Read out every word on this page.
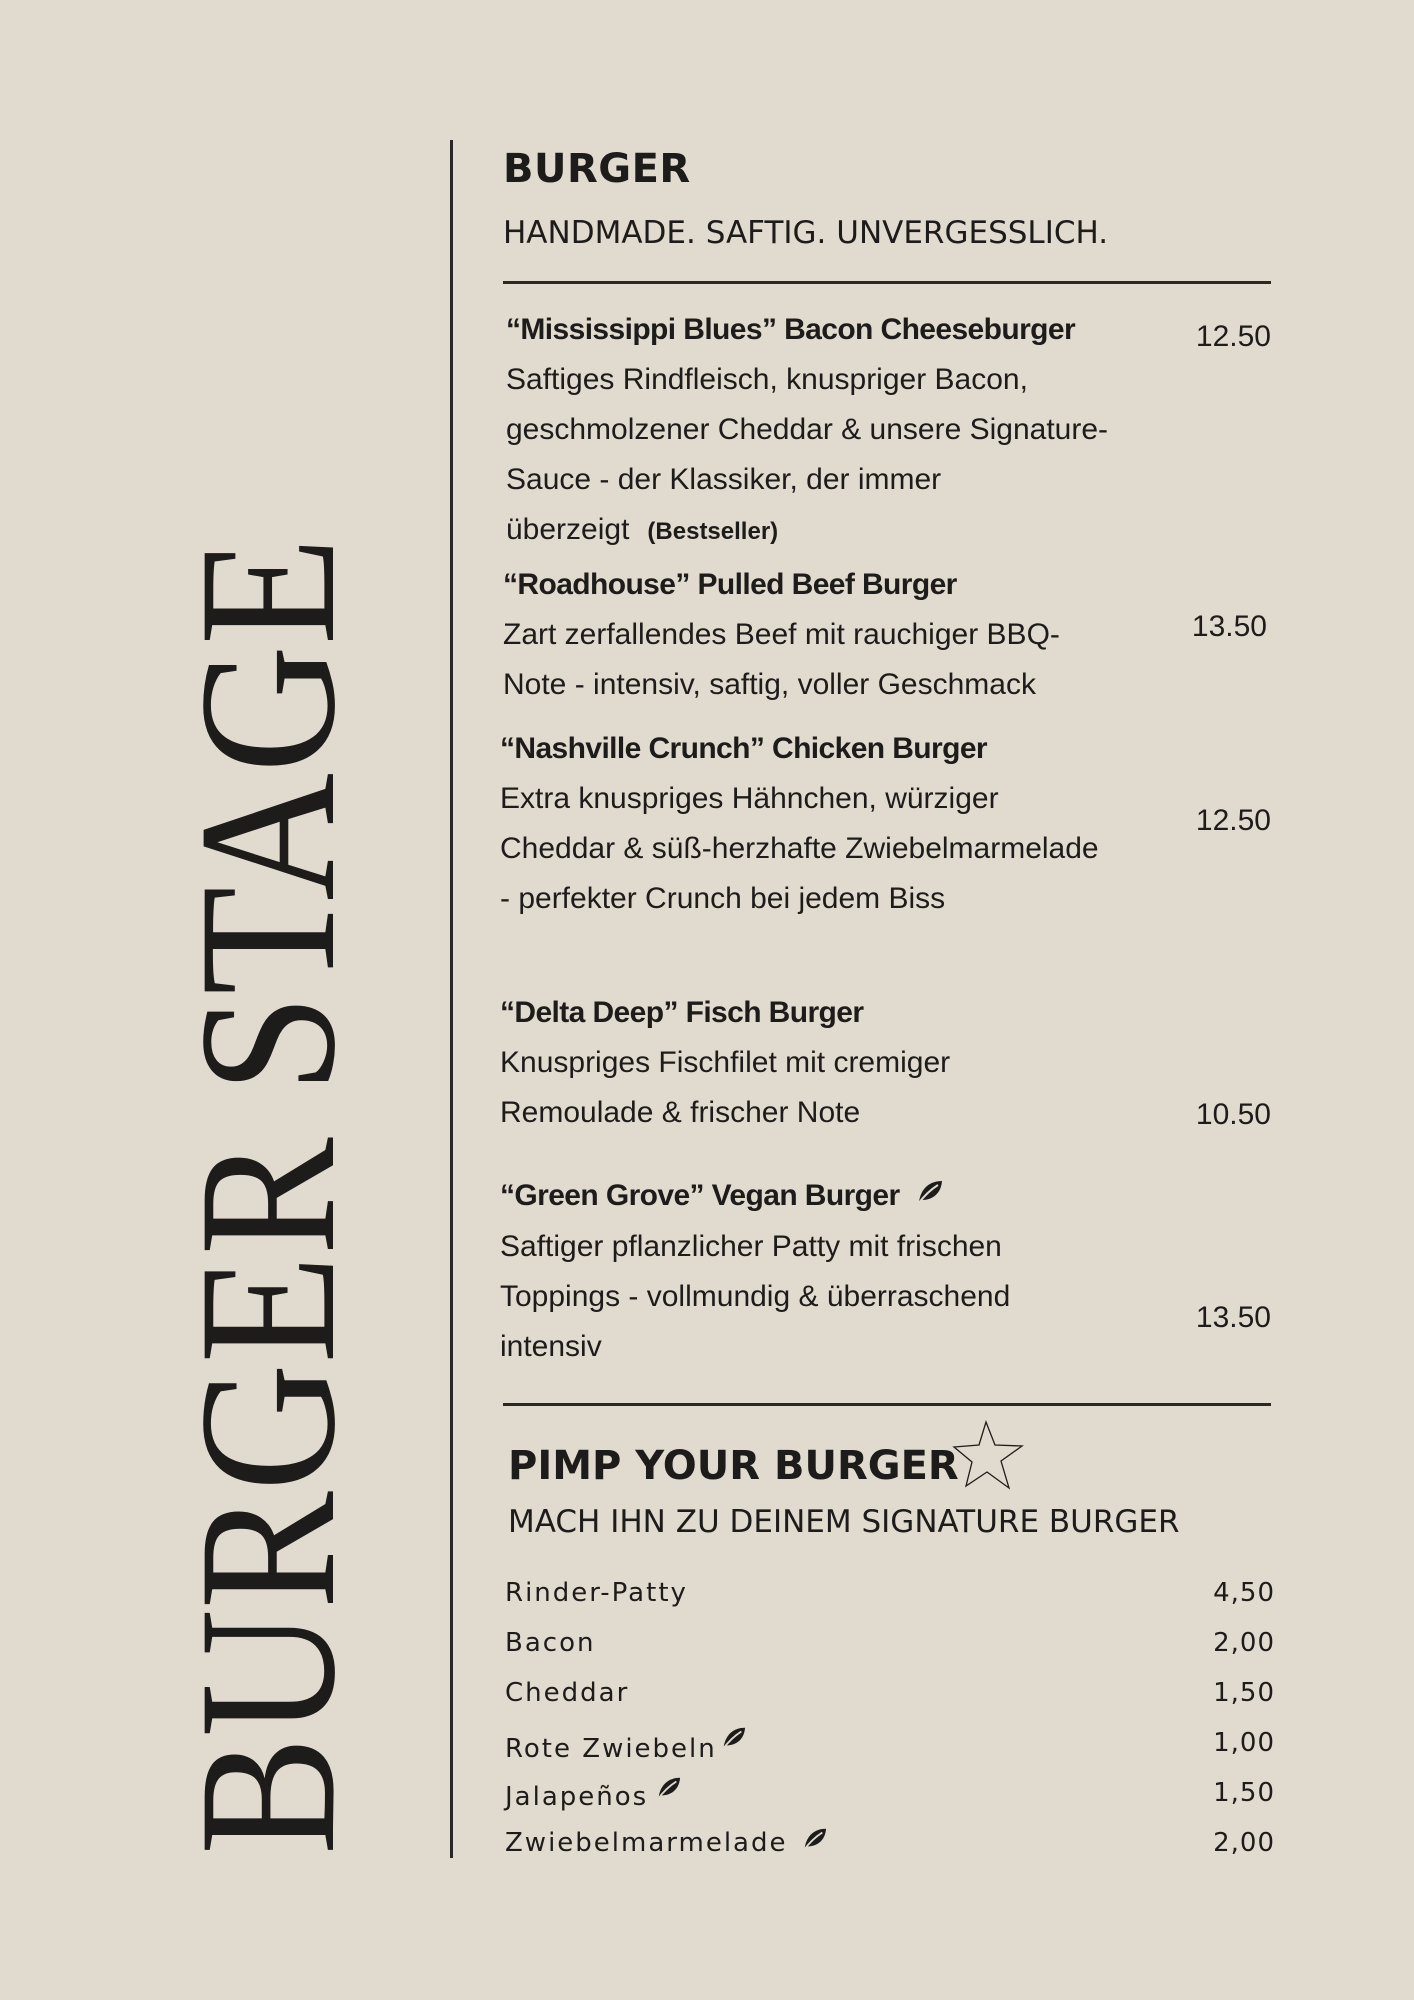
BURGER STAGE
BURGER
HANDMADE. SAFTIG. UNVERGESSLICH.
“Mississippi Blues” Bacon Cheeseburger
Saftiges Rindfleisch, knuspriger Bacon, geschmolzener Cheddar & unsere Signature-Sauce - der Klassiker, der immer überzeigt (Bestseller)
12.50
“Roadhouse” Pulled Beef Burger
Zart zerfallendes Beef mit rauchiger BBQ-Note - intensiv, saftig, voller Geschmack
13.50
“Nashville Crunch” Chicken Burger
Extra knuspriges Hähnchen, würziger Cheddar & süß-herzhafte Zwiebelmarmelade - perfekter Crunch bei jedem Biss
12.50
“Delta Deep” Fisch Burger
Knuspriges Fischfilet mit cremiger Remoulade & frischer Note	10.50
“Green Grove” Vegan Burger
Saftiger pflanzlicher Patty mit frischen Toppings - vollmundig & überraschend intensiv
13.50
PIMP YOUR BURGER
MACH IHN ZU DEINEM SIGNATURE BURGER
Rinder-Patty	4,50
Bacon	2,00
Cheddar	1,50
Rote Zwiebeln	1,00
Jalapeños	1,50
Zwiebelmarmelade	2,00
